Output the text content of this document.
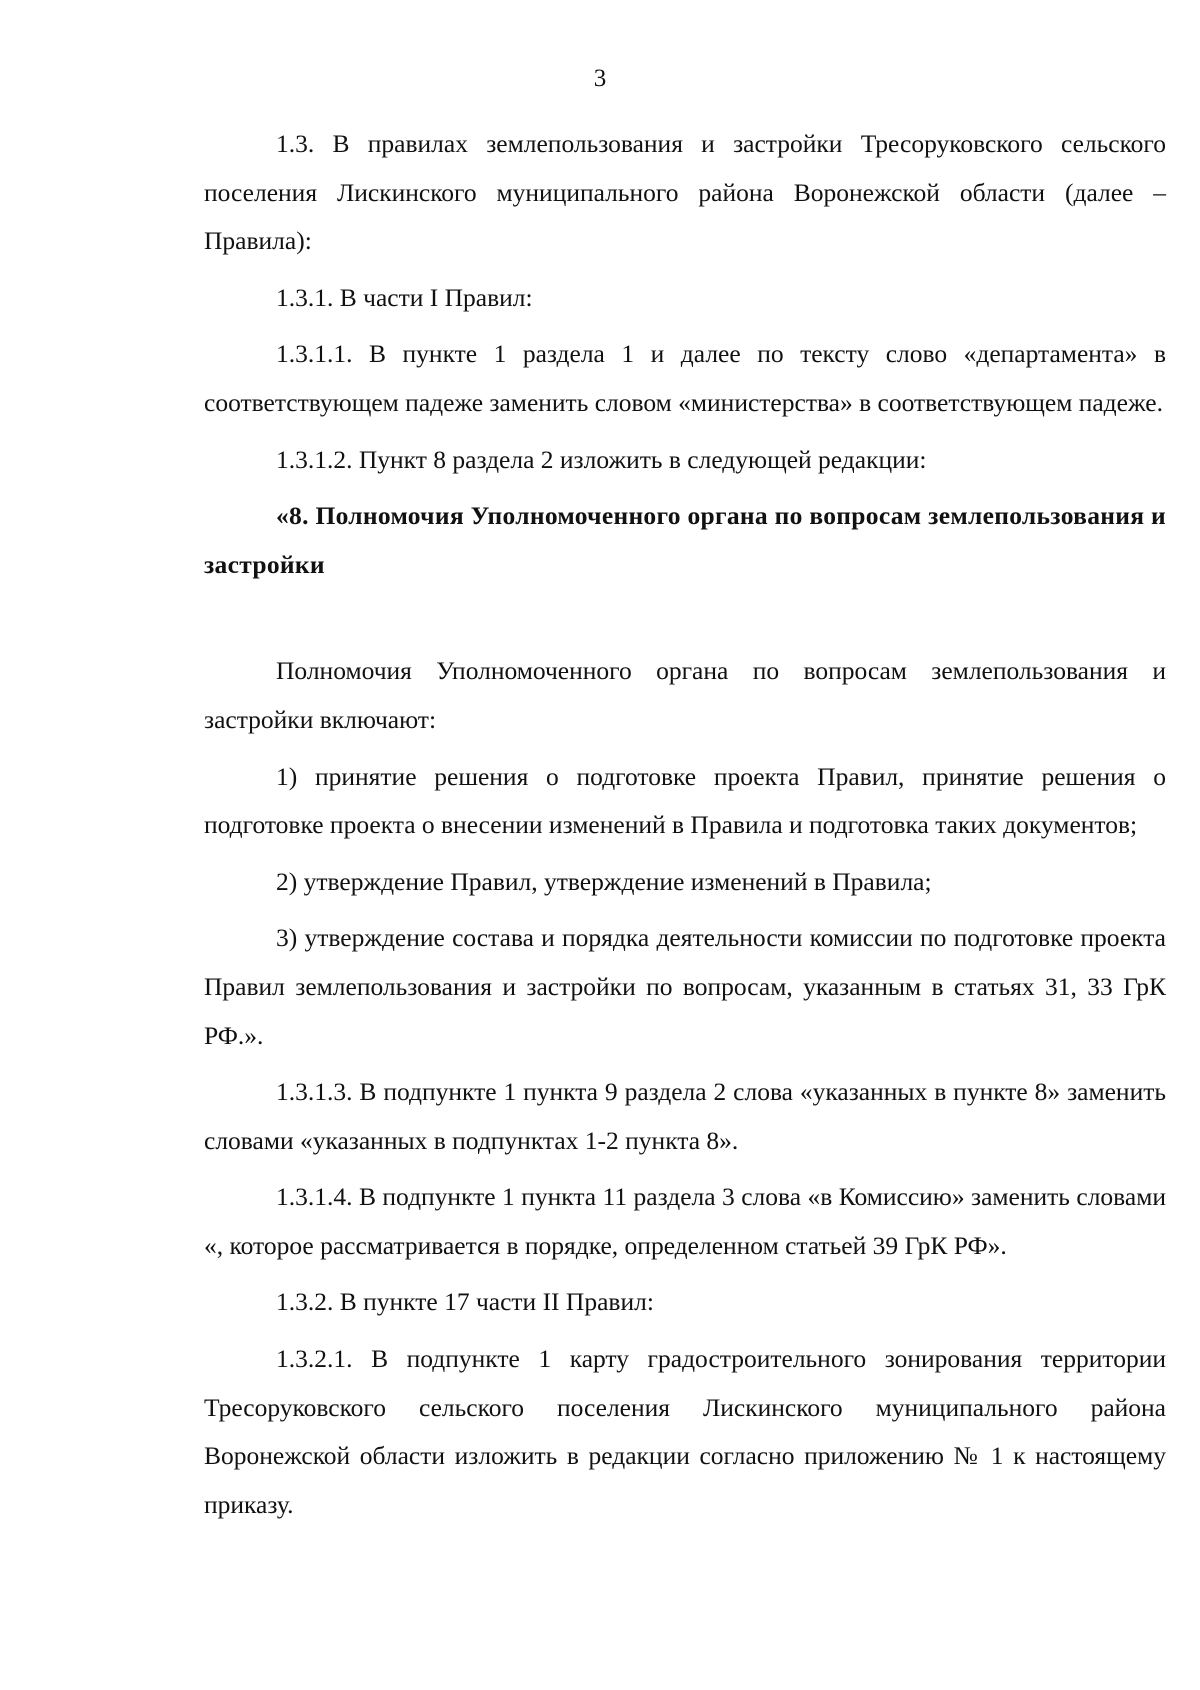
3

1.3. В правилах землепользования и застройки Тресоруковского сельского поселения Лискинского муниципального района Воронежской области (далее – Правила):

1.3.1. В части I Правил:

1.3.1.1. В пункте 1 раздела 1 и далее по тексту слово «департамента» в соответствующем падеже заменить словом «министерства» в соответствующем падеже.

1.3.1.2. Пункт 8 раздела 2 изложить в следующей редакции:

«8. Полномочия Уполномоченного органа по вопросам землепользования и застройки

Полномочия Уполномоченного органа по вопросам землепользования и застройки включают:

1) принятие решения о подготовке проекта Правил, принятие решения о подготовке проекта о внесении изменений в Правила и подготовка таких документов;

2) утверждение Правил, утверждение изменений в Правила;

3) утверждение состава и порядка деятельности комиссии по подготовке проекта Правил землепользования и застройки по вопросам, указанным в статьях 31, 33 ГрК РФ.».

1.3.1.3. В подпункте 1 пункта 9 раздела 2 слова «указанных в пункте 8» заменить словами «указанных в подпунктах 1-2 пункта 8».

1.3.1.4. В подпункте 1 пункта 11 раздела 3 слова «в Комиссию» заменить словами «, которое рассматривается в порядке, определенном статьей 39 ГрК РФ».

1.3.2. В пункте 17 части II Правил:

1.3.2.1. В подпункте 1 карту градостроительного зонирования территории Тресоруковского сельского поселения Лискинского муниципального района Воронежской области изложить в редакции согласно приложению № 1 к настоящему приказу.
